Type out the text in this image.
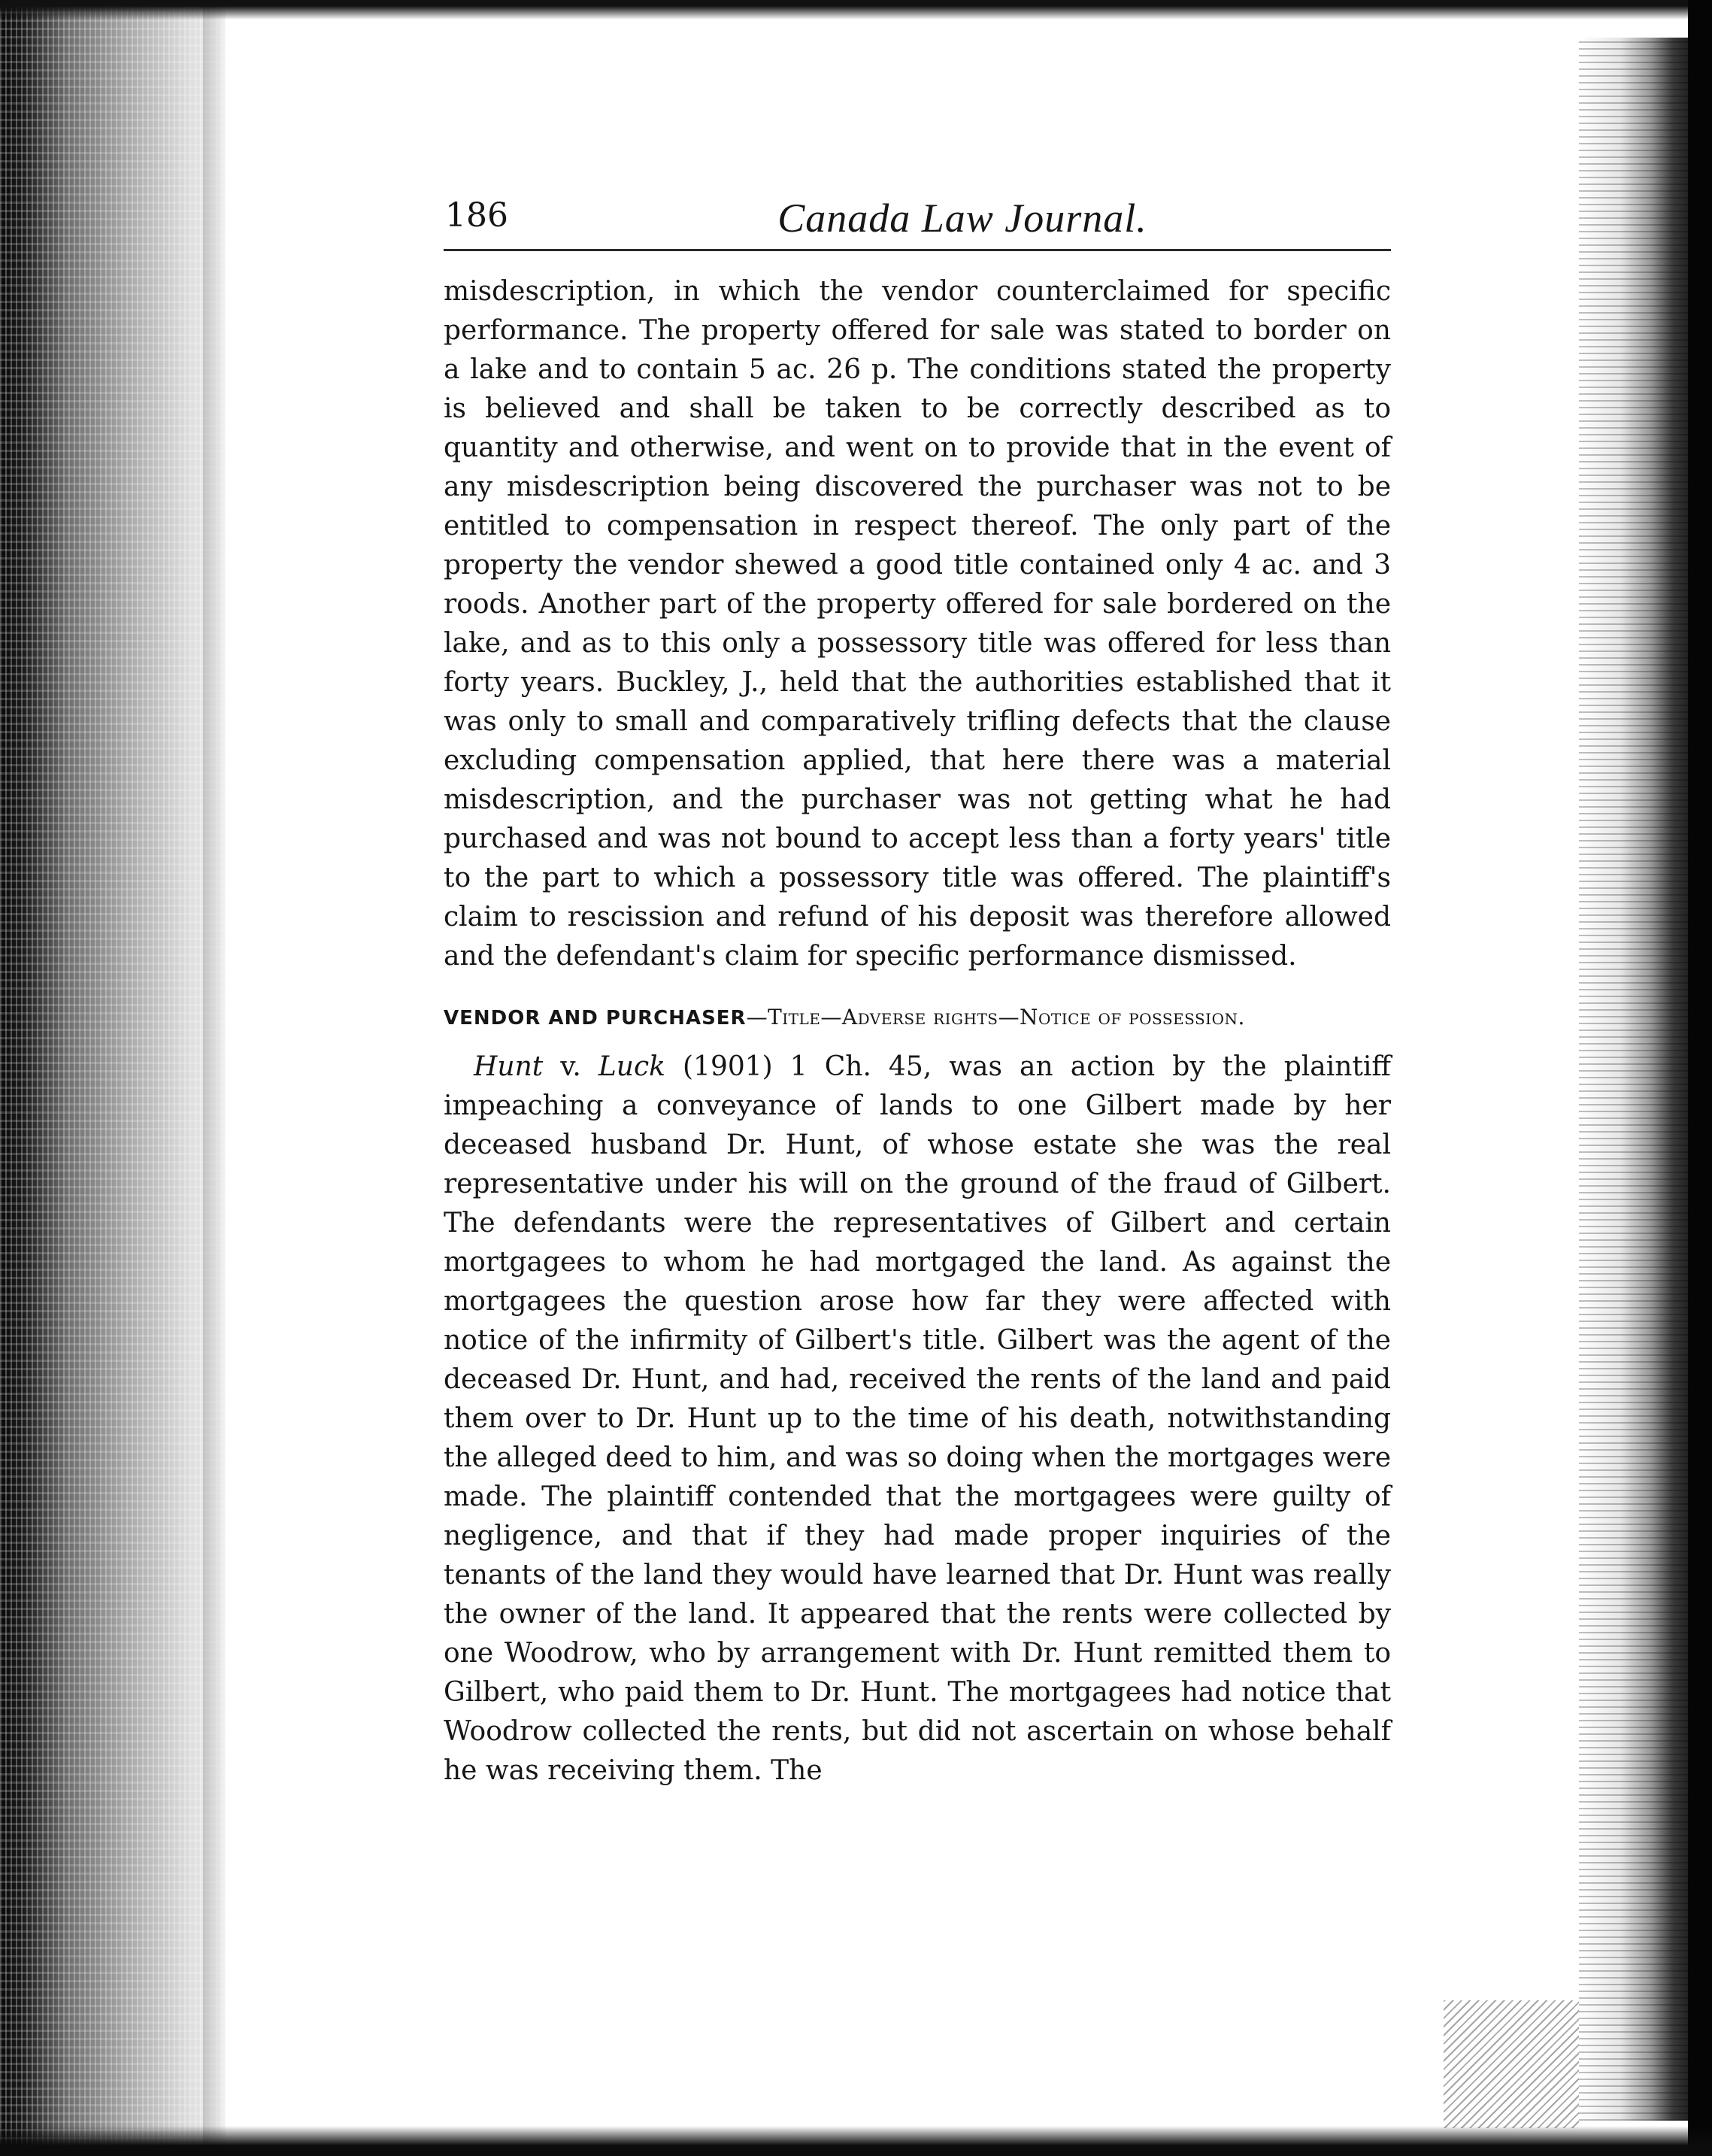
186	Canada Law Journal.

misdescription, in which the vendor counterclaimed for specific performance. The property offered for sale was stated to border on a lake and to contain 5 ac. 26 p. The conditions stated the property is believed and shall be taken to be correctly described as to quantity and otherwise, and went on to provide that in the event of any misdescription being discovered the purchaser was not to be entitled to compensation in respect thereof. The only part of the property the vendor shewed a good title contained only 4 ac. and 3 roods. Another part of the property offered for sale bordered on the lake, and as to this only a possessory title was offered for less than forty years. Buckley, J., held that the authorities established that it was only to small and comparatively trifling defects that the clause excluding compensation applied, that here there was a material misdescription, and the purchaser was not getting what he had purchased and was not bound to accept less than a forty years' title to the part to which a possessory title was offered. The plaintiff's claim to rescission and refund of his deposit was therefore allowed and the defendant's claim for specific performance dismissed.

VENDOR AND PURCHASER—Title—Adverse rights—Notice of possession.

Hunt v. Luck (1901) 1 Ch. 45, was an action by the plaintiff impeaching a conveyance of lands to one Gilbert made by her deceased husband Dr. Hunt, of whose estate she was the real representative under his will on the ground of the fraud of Gilbert. The defendants were the representatives of Gilbert and certain mortgagees to whom he had mortgaged the land. As against the mortgagees the question arose how far they were affected with notice of the infirmity of Gilbert's title. Gilbert was the agent of the deceased Dr. Hunt, and had, received the rents of the land and paid them over to Dr. Hunt up to the time of his death, notwithstanding the alleged deed to him, and was so doing when the mortgages were made. The plaintiff contended that the mortgagees were guilty of negligence, and that if they had made proper inquiries of the tenants of the land they would have learned that Dr. Hunt was really the owner of the land. It appeared that the rents were collected by one Woodrow, who by arrangement with Dr. Hunt remitted them to Gilbert, who paid them to Dr. Hunt. The mortgagees had notice that Woodrow collected the rents, but did not ascertain on whose behalf he was receiving them. The
